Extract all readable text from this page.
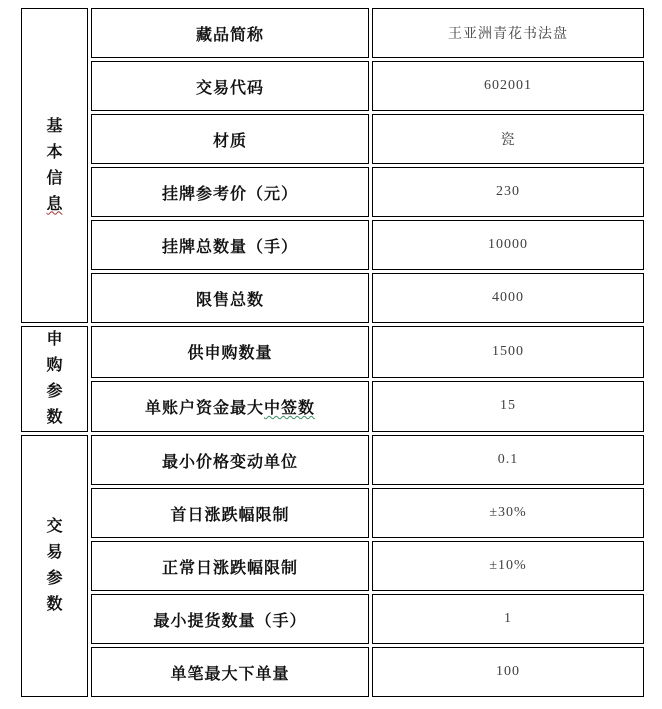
基
本
信
息	藏品简称	王亚洲青花书法盘
	交易代码	602001
	材质	瓷
	挂牌参考价（元）	230
	挂牌总数量（手）	10000
	限售总数	4000

申
购
参
数	供申购数量	1500
	单账户资金最大中签数	15

交
易
参
数	最小价格变动单位	0.1
	首日涨跌幅限制	±30%
	正常日涨跌幅限制	±10%
	最小提货数量（手）	1
	单笔最大下单量	100
